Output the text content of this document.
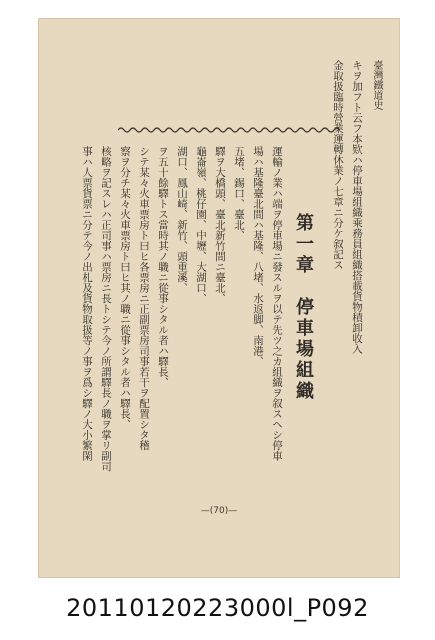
臺灣鐵道史
キヲ加フト云フ本欵ハ停車場組織乘務員組織搭載貨物積卸收入
金取扱臨時營業運轉休業ノ七章ニ分ケ叙記ス
第一章　停車場組織
運輸ノ業ハ端ヲ停車場ニ發スルヲ以テ先ツ之カ組織ヲ叙スヘシ停車
場ハ基隆臺北間ハ基隆、八堵、水返脚、南港、
五堵、錫口、臺北、
驛ヲ大橋頭、臺北新竹間ニ臺北、
龜崙嶺、桃仔園、中壢、大湖口、
湖口、鳳山崎、新竹、頭重溪、
ヲ五十餘驛トス當時其ノ職ニ從事シタル者ハ驛長、
シテ某々火車票房ト曰ヒ各票房ニ正副票房司事若干ヲ配置シタ稽
察ヲ分チ某々火車票房ト曰ヒ其ノ職ニ從事シタル者ハ驛長、
核略ヲ記スレハ正司事ハ票房ニ長トシテ今ノ所謂驛長ノ職ヲ掌リ副司
事ハ人票貨票ニ分テ今ノ出札及貨物取扱等ノ事ヲ爲シ驛ノ大小繁閑
—(70)—
20110120223000l_P092
